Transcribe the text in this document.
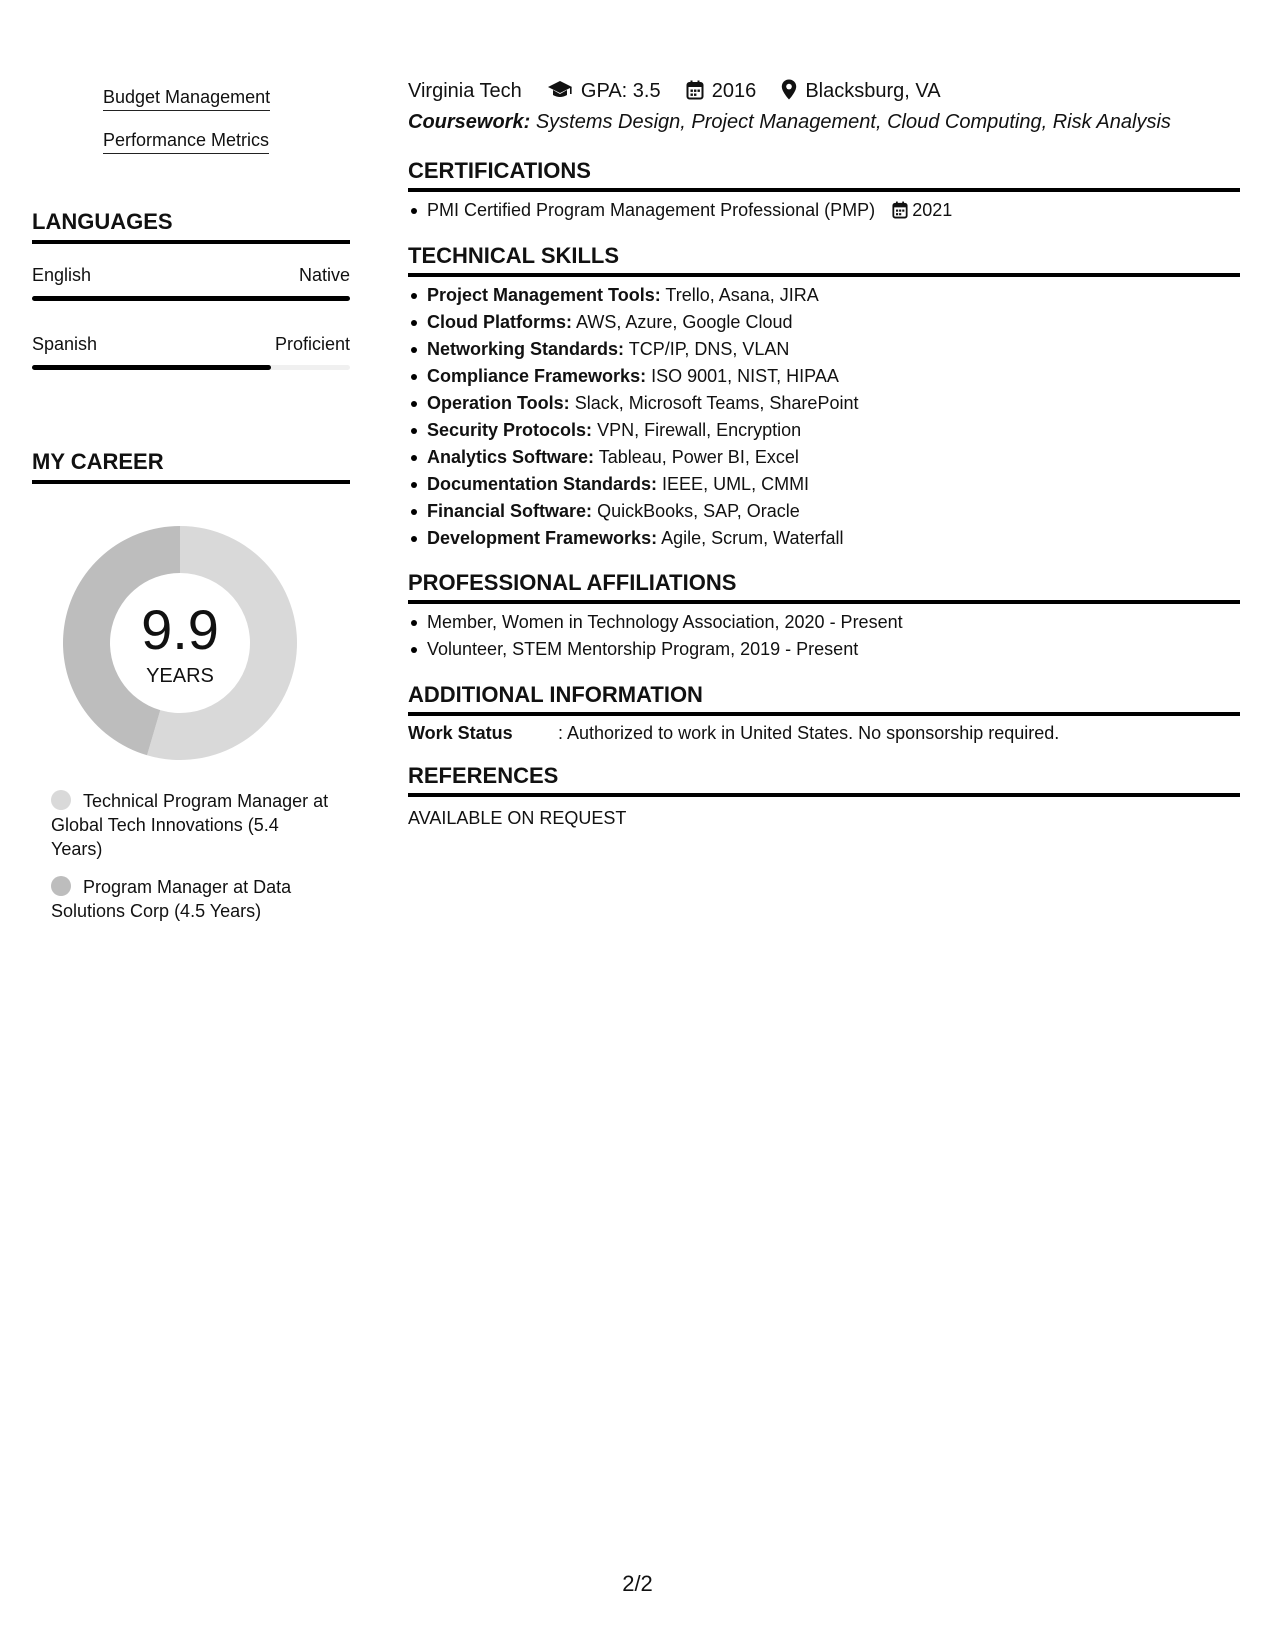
Budget Management
Performance Metrics
LANGUAGES
English	Native
Spanish	Proficient
MY CAREER
9.9
YEARS
Technical Program Manager at Global Tech Innovations (5.4 Years)
Program Manager at Data Solutions Corp (4.5 Years)
Virginia Tech	GPA: 3.5	2016 Blacksburg, VA
Coursework: Systems Design, Project Management, Cloud Computing, Risk Analysis
CERTIFICATIONS
PMI Certified Program Management Professional (PMP) 2021
TECHNICAL SKILLS
Project Management Tools: Trello, Asana, JIRA
Cloud Platforms: AWS, Azure, Google Cloud
Networking Standards: TCP/IP, DNS, VLAN
Compliance Frameworks: ISO 9001, NIST, HIPAA
Operation Tools: Slack, Microsoft Teams, SharePoint
Security Protocols: VPN, Firewall, Encryption
Analytics Software: Tableau, Power BI, Excel
Documentation Standards: IEEE, UML, CMMI
Financial Software: QuickBooks, SAP, Oracle
Development Frameworks: Agile, Scrum, Waterfall
PROFESSIONAL AFFILIATIONS
Member, Women in Technology Association, 2020 - Present
Volunteer, STEM Mentorship Program, 2019 - Present
ADDITIONAL INFORMATION
Work Status	: Authorized to work in United States. No sponsorship required.
REFERENCES
AVAILABLE ON REQUEST
2/2
